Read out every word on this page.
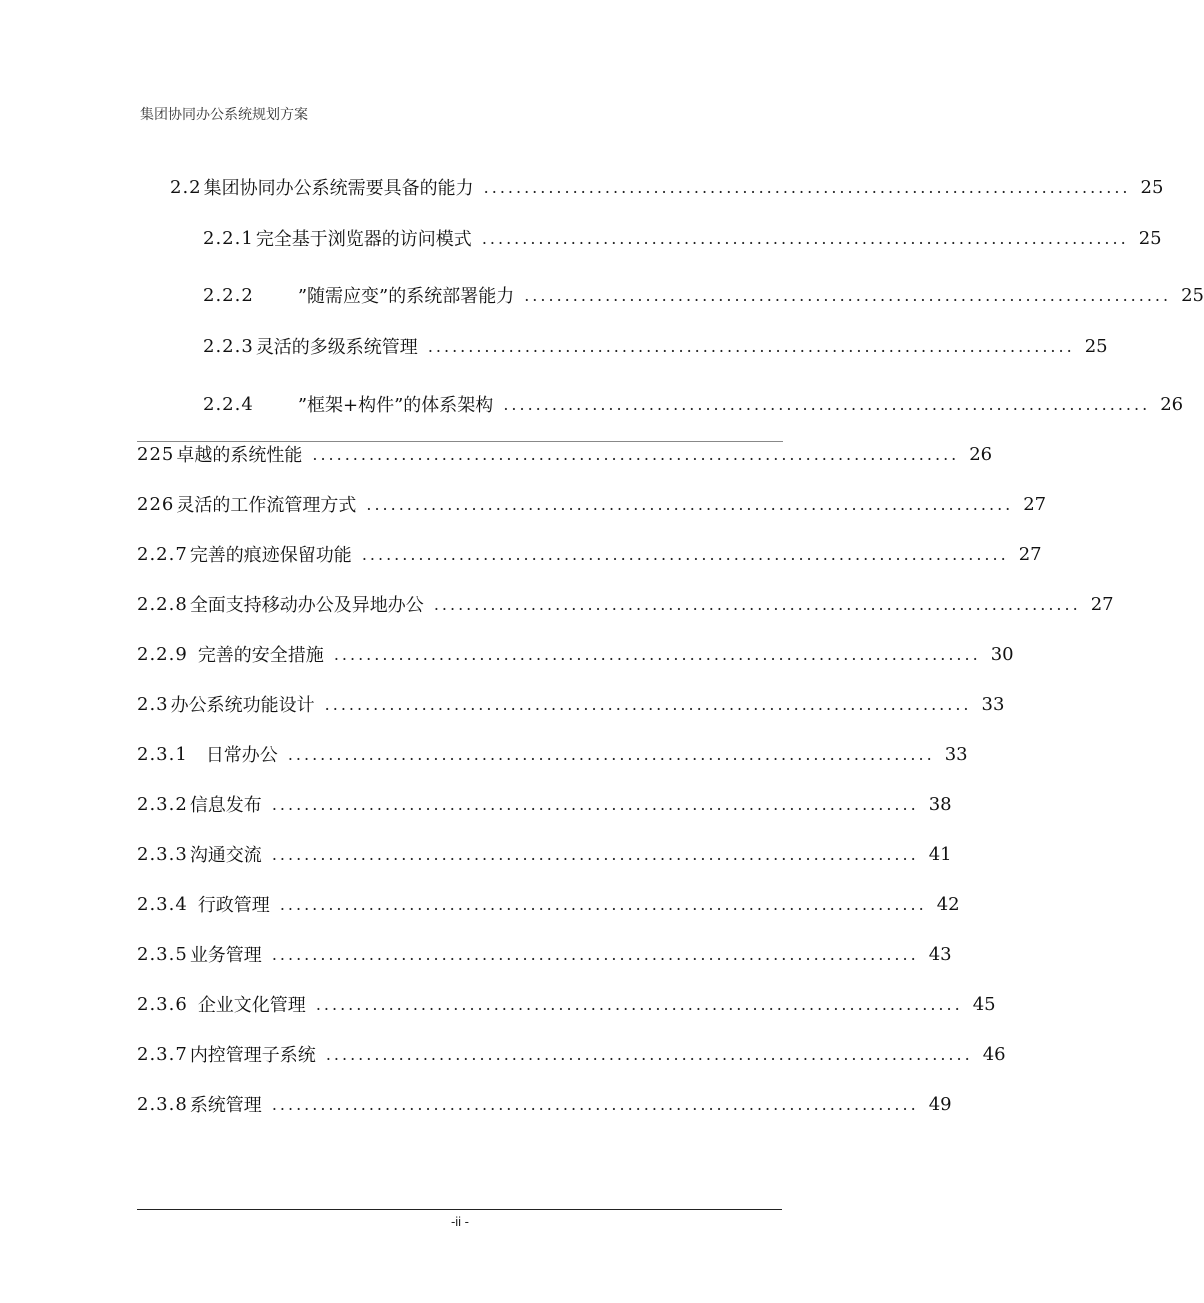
集团协同办公系统规划方案
2.2 集团协同办公系统需要具备的能力 ................................................................................ 25
2.2.1 完全基于浏览器的访问模式 ................................................................................ 25
2.2.2 ”随需应变”的系统部署能力 ................................................................................ 25
2.2.3 灵活的多级系统管理 ................................................................................ 25
2.2.4 ”框架+构件”的体系架构 ................................................................................ 26
225 卓越的系统性能 ................................................................................ 26
226 灵活的工作流管理方式 ................................................................................ 27
2.2.7 完善的痕迹保留功能 ................................................................................ 27
2.2.8 全面支持移动办公及异地办公 ................................................................................ 27
2.2.9 完善的安全措施 ................................................................................ 30
2.3 办公系统功能设计 ................................................................................ 33
2.3.1 日常办公 ................................................................................ 33
2.3.2 信息发布 ................................................................................ 38
2.3.3 沟通交流 ................................................................................ 41
2.3.4 行政管理 ................................................................................ 42
2.3.5 业务管理 ................................................................................ 43
2.3.6 企业文化管理 ................................................................................ 45
2.3.7 内控管理子系统 ................................................................................ 46
2.3.8 系统管理 ................................................................................ 49
-ii -
